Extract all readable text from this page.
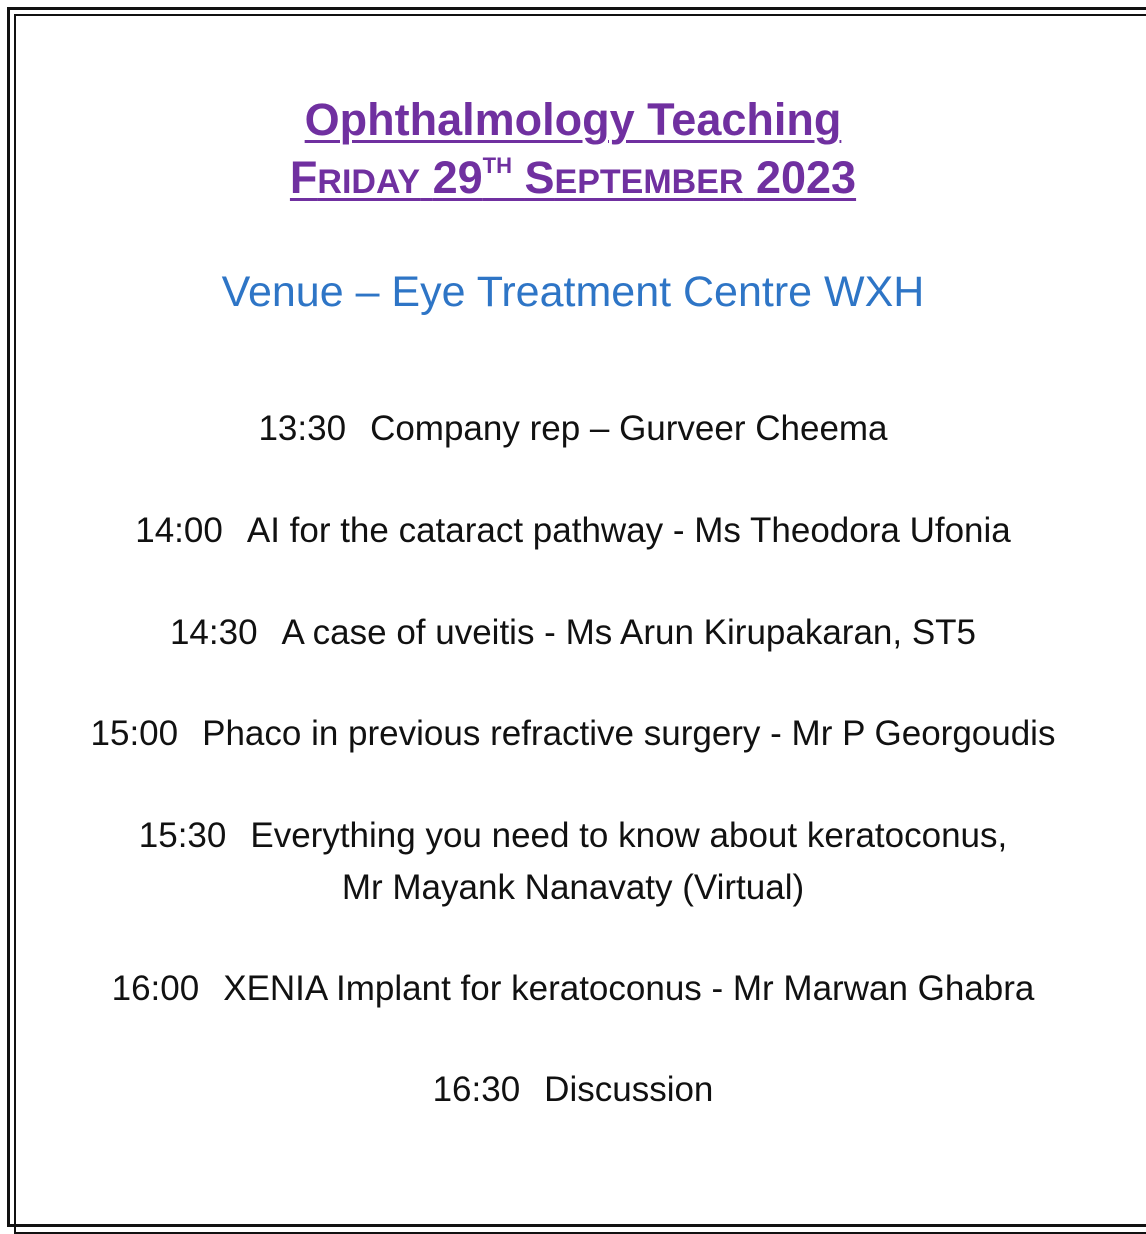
Ophthalmology Teaching
FRIDAY 29TH SEPTEMBER 2023
Venue – Eye Treatment Centre WXH
13:30 Company rep – Gurveer Cheema
14:00 AI for the cataract pathway - Ms Theodora Ufonia
14:30 A case of uveitis - Ms Arun Kirupakaran, ST5
15:00 Phaco in previous refractive surgery - Mr P Georgoudis
15:30 Everything you need to know about keratoconus,
Mr Mayank Nanavaty (Virtual)
16:00 XENIA Implant for keratoconus - Mr Marwan Ghabra
16:30 Discussion
